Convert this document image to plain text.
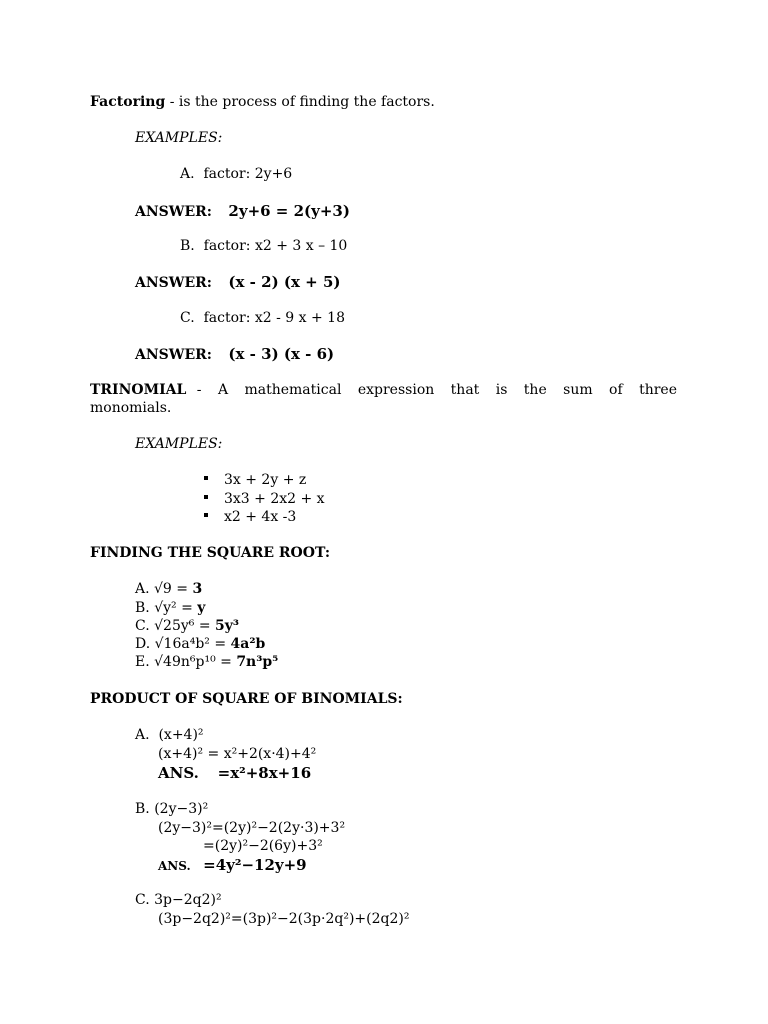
Factoring - is the process of finding the factors.
EXAMPLES:
A. factor: 2y+6
ANSWER: 2y+6 = 2(y+3)
B. factor: x2 + 3 x – 10
ANSWER: (x - 2) (x + 5)
C. factor: x2 - 9 x + 18
ANSWER: (x - 3) (x - 6)
TRINOMIAL - A mathematical expression that is the sum of three monomials.
EXAMPLES:
3x + 2y + z
3x3 + 2x2 + x
x2 + 4x -3
FINDING THE SQUARE ROOT:
A. √9 = 3
B. √y² = y
C. √25y⁶ = 5y³
D. √16a⁴b² = 4a²b
E. √49n⁶p¹⁰ = 7n³p⁵
PRODUCT OF SQUARE OF BINOMIALS:
A. (x+4)²
(x+4)² = x²+2(x·4)+4²
ANS. =x²+8x+16
B. (2y−3)²
(2y−3)²=(2y)²−2(2y·3)+3²
=(2y)²−2(6y)+3²
ANS. =4y²−12y+9
C. 3p−2q2)²
(3p−2q2)²=(3p)²−2(3p·2q²)+(2q2)²
